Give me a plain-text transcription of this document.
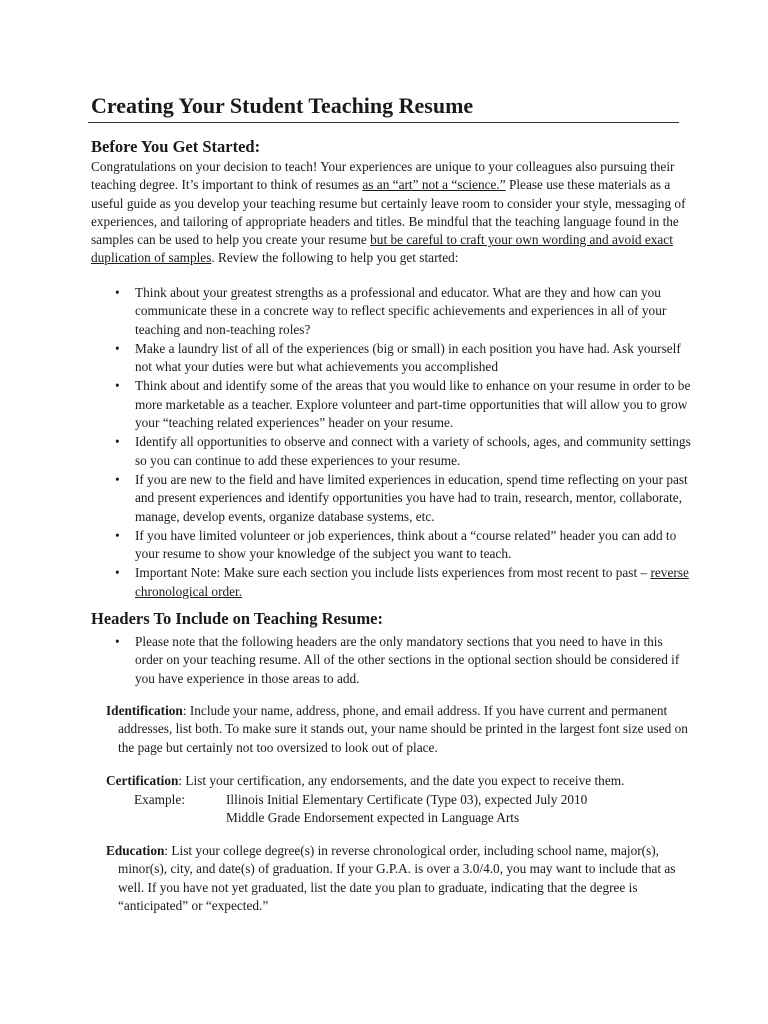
Creating Your Student Teaching Resume
Before You Get Started:

Congratulations on your decision to teach! Your experiences are unique to your colleagues also pursuing their teaching degree. It’s important to think of resumes as an “art” not a “science.” Please use these materials as a useful guide as you develop your teaching resume but certainly leave room to consider your style, messaging of experiences, and tailoring of appropriate headers and titles. Be mindful that the teaching language found in the samples can be used to help you create your resume but be careful to craft your own wording and avoid exact duplication of samples. Review the following to help you get started:

• Think about your greatest strengths as a professional and educator. What are they and how can you communicate these in a concrete way to reflect specific achievements and experiences in all of your teaching and non-teaching roles?
• Make a laundry list of all of the experiences (big or small) in each position you have had. Ask yourself not what your duties were but what achievements you accomplished
• Think about and identify some of the areas that you would like to enhance on your resume in order to be more marketable as a teacher. Explore volunteer and part-time opportunities that will allow you to grow your “teaching related experiences” header on your resume.
• Identify all opportunities to observe and connect with a variety of schools, ages, and community settings so you can continue to add these experiences to your resume.
• If you are new to the field and have limited experiences in education, spend time reflecting on your past and present experiences and identify opportunities you have had to train, research, mentor, collaborate, manage, develop events, organize database systems, etc.
• If you have limited volunteer or job experiences, think about a “course related” header you can add to your resume to show your knowledge of the subject you want to teach.
• Important Note: Make sure each section you include lists experiences from most recent to past – reverse chronological order.
Headers To Include on Teaching Resume:
• Please note that the following headers are the only mandatory sections that you need to have in this order on your teaching resume. All of the other sections in the optional section should be considered if you have experience in those areas to add.

Identification: Include your name, address, phone, and email address. If you have current and permanent addresses, list both. To make sure it stands out, your name should be printed in the largest font size used on the page but certainly not too oversized to look out of place.

Certification: List your certification, any endorsements, and the date you expect to receive them.

Example:	Illinois Initial Elementary Certificate (Type 03), expected July 2010
Middle Grade Endorsement expected in Language Arts

Education: List your college degree(s) in reverse chronological order, including school name, major(s), minor(s), city, and date(s) of graduation. If your G.P.A. is over a 3.0/4.0, you may want to include that as well. If you have not yet graduated, list the date you plan to graduate, indicating that the degree is “anticipated” or “expected.”
